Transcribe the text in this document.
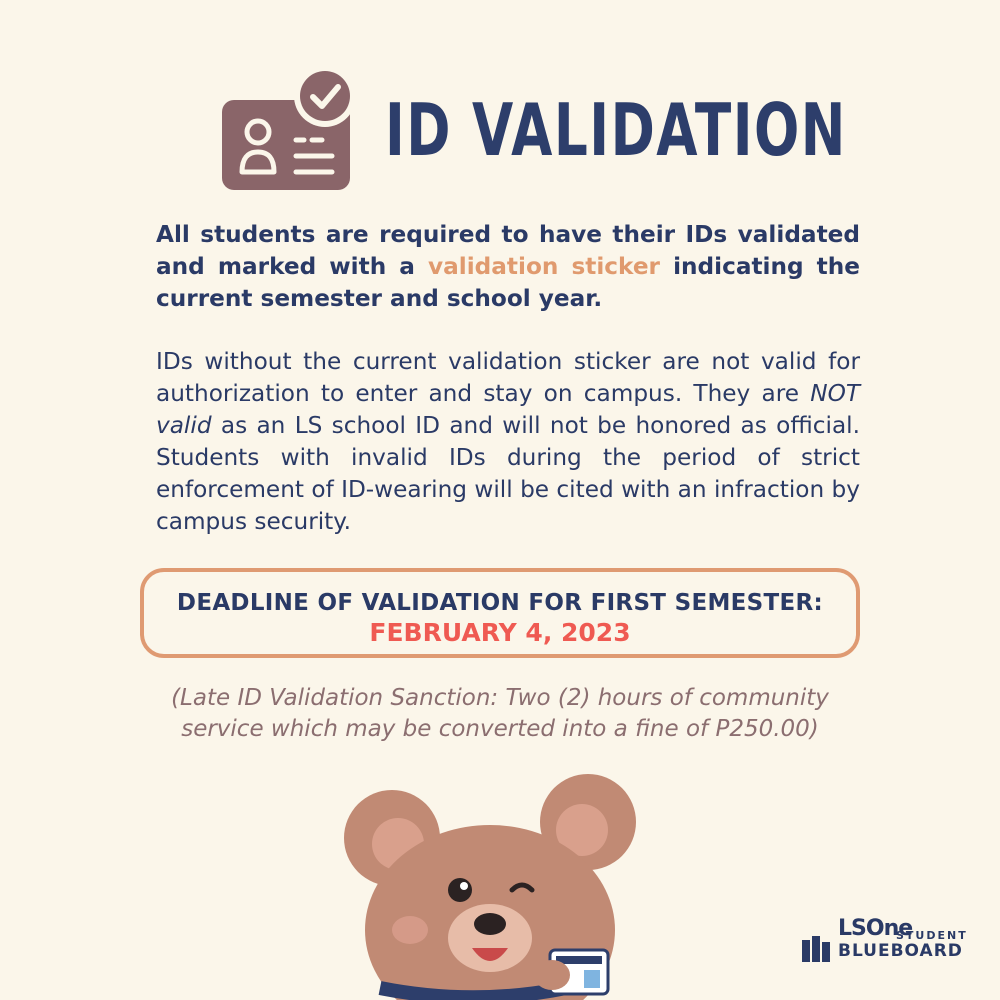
ID VALIDATION
All students are required to have their IDs validated and marked with a validation sticker indicating the current semester and school year.
IDs without the current validation sticker are not valid for authorization to enter and stay on campus. They are NOT valid as an LS school ID and will not be honored as official. Students with invalid IDs during the period of strict enforcement of ID-wearing will be cited with an infraction by campus security.
DEADLINE OF VALIDATION FOR FIRST SEMESTER:
FEBRUARY 4, 2023
(Late ID Validation Sanction: Two (2) hours of community service which may be converted into a fine of P250.00)
LSOne
STUDENT
BLUEBOARD
